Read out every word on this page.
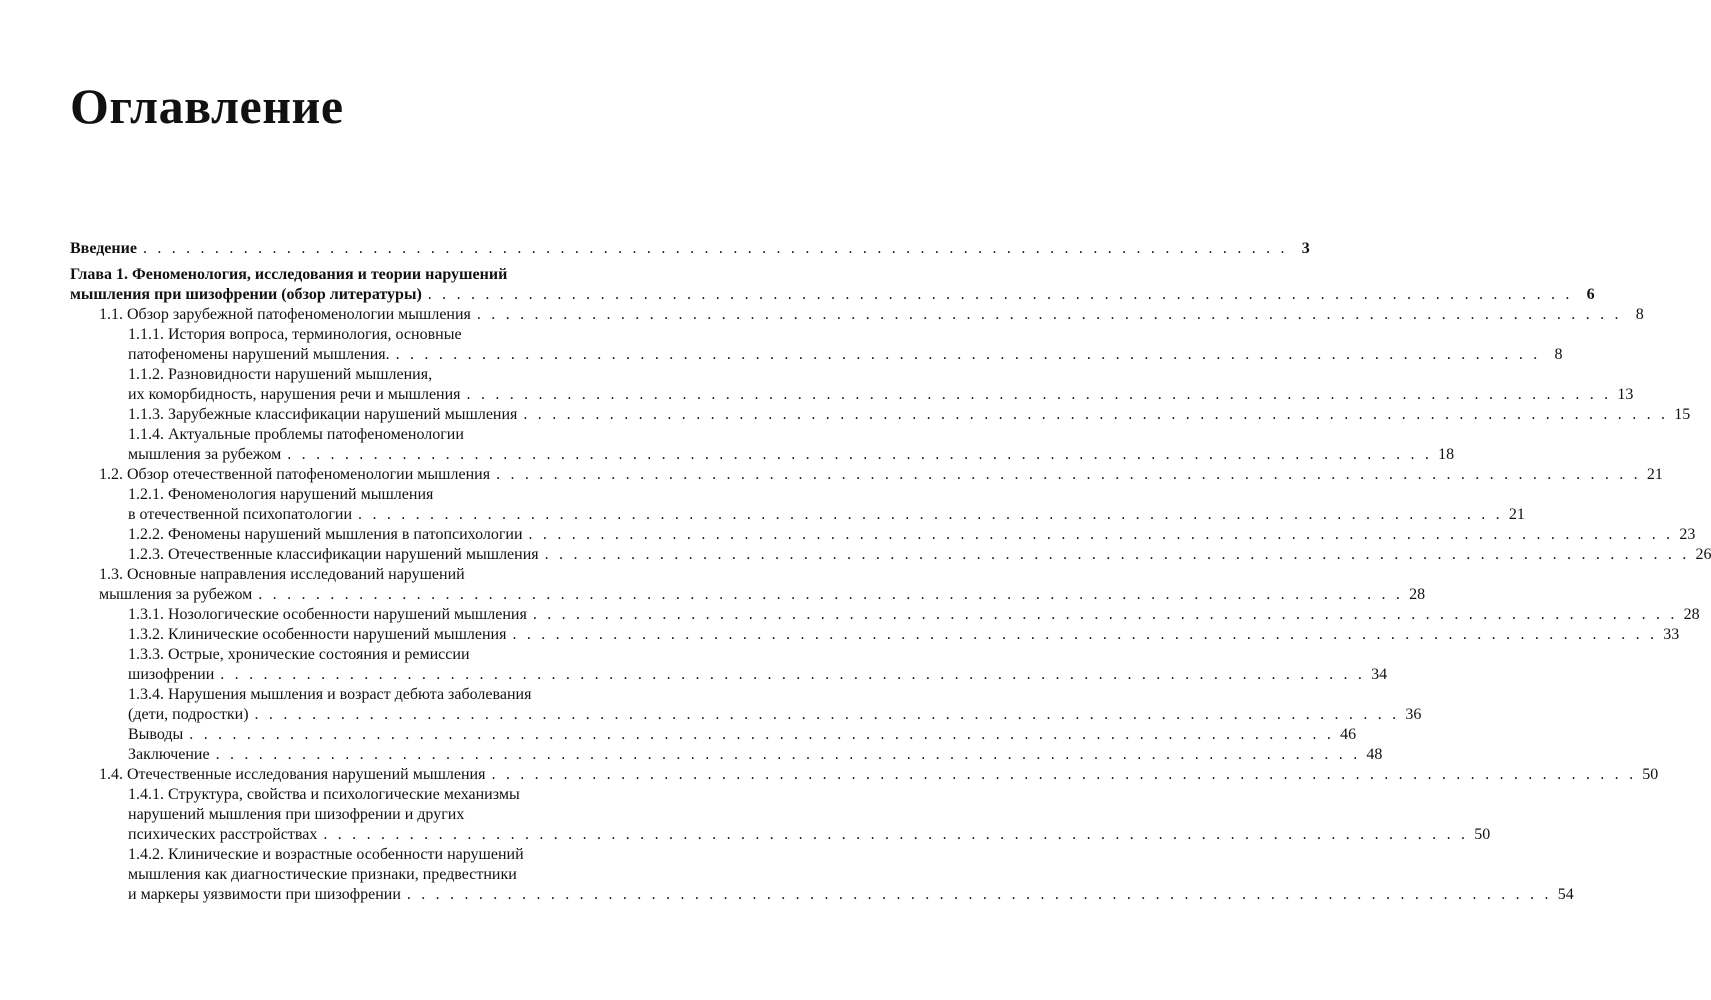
Оглавление
Введение . . . . . . . . . . . . . . . . . . . . . . . . . . . . . . . . . . . . . . . . . . . . . . . . . . . . . . . . . . . . . . . . . . . . . . . . . . . . . . . . 3
Глава 1. Феноменология, исследования и теории нарушений
мышления при шизофрении (обзор литературы) . . . . . . . . . . . . . . . . . . . . . . . . . . . . . . . . . . . . . . . . . . . . . . . . . . . . . . . . . . . . . . . . . . . . . . . . . . . . . . . . 6
1.1. Обзор зарубежной патофеноменологии мышления . . . . . . . . . . . . . . . . . . . . . . . . . . . . . . . . . . . . . . . . . . . . . . . . . . . . . . . . . . . . . . . . . . . . . . . . . . . . . . . . 8
1.1.1. История вопроса, терминология, основные
патофеномены нарушений мышления. . . . . . . . . . . . . . . . . . . . . . . . . . . . . . . . . . . . . . . . . . . . . . . . . . . . . . . . . . . . . . . . . . . . . . . . . . . . . . . . . 8
1.1.2. Разновидности нарушений мышления,
их коморбидность, нарушения речи и мышления . . . . . . . . . . . . . . . . . . . . . . . . . . . . . . . . . . . . . . . . . . . . . . . . . . . . . . . . . . . . . . . . . . . . . . . . . . . . . . . . 13
1.1.3. Зарубежные классификации нарушений мышления . . . . . . . . . . . . . . . . . . . . . . . . . . . . . . . . . . . . . . . . . . . . . . . . . . . . . . . . . . . . . . . . . . . . . . . . . . . . . . . . 15
1.1.4. Актуальные проблемы патофеноменологии
мышления за рубежом . . . . . . . . . . . . . . . . . . . . . . . . . . . . . . . . . . . . . . . . . . . . . . . . . . . . . . . . . . . . . . . . . . . . . . . . . . . . . . . . 18
1.2. Обзор отечественной патофеноменологии мышления . . . . . . . . . . . . . . . . . . . . . . . . . . . . . . . . . . . . . . . . . . . . . . . . . . . . . . . . . . . . . . . . . . . . . . . . . . . . . . . . 21
1.2.1. Феноменология нарушений мышления
в отечественной психопатологии . . . . . . . . . . . . . . . . . . . . . . . . . . . . . . . . . . . . . . . . . . . . . . . . . . . . . . . . . . . . . . . . . . . . . . . . . . . . . . . . 21
1.2.2. Феномены нарушений мышления в патопсихологии . . . . . . . . . . . . . . . . . . . . . . . . . . . . . . . . . . . . . . . . . . . . . . . . . . . . . . . . . . . . . . . . . . . . . . . . . . . . . . . . 23
1.2.3. Отечественные классификации нарушений мышления . . . . . . . . . . . . . . . . . . . . . . . . . . . . . . . . . . . . . . . . . . . . . . . . . . . . . . . . . . . . . . . . . . . . . . . . . . . . . . . . 26
1.3. Основные направления исследований нарушений
мышления за рубежом . . . . . . . . . . . . . . . . . . . . . . . . . . . . . . . . . . . . . . . . . . . . . . . . . . . . . . . . . . . . . . . . . . . . . . . . . . . . . . . . 28
1.3.1. Нозологические особенности нарушений мышления . . . . . . . . . . . . . . . . . . . . . . . . . . . . . . . . . . . . . . . . . . . . . . . . . . . . . . . . . . . . . . . . . . . . . . . . . . . . . . . . 28
1.3.2. Клинические особенности нарушений мышления . . . . . . . . . . . . . . . . . . . . . . . . . . . . . . . . . . . . . . . . . . . . . . . . . . . . . . . . . . . . . . . . . . . . . . . . . . . . . . . . 33
1.3.3. Острые, хронические состояния и ремиссии
шизофрении . . . . . . . . . . . . . . . . . . . . . . . . . . . . . . . . . . . . . . . . . . . . . . . . . . . . . . . . . . . . . . . . . . . . . . . . . . . . . . . . 34
1.3.4. Нарушения мышления и возраст дебюта заболевания
(дети, подростки) . . . . . . . . . . . . . . . . . . . . . . . . . . . . . . . . . . . . . . . . . . . . . . . . . . . . . . . . . . . . . . . . . . . . . . . . . . . . . . . . 36
Выводы . . . . . . . . . . . . . . . . . . . . . . . . . . . . . . . . . . . . . . . . . . . . . . . . . . . . . . . . . . . . . . . . . . . . . . . . . . . . . . . . 46
Заключение . . . . . . . . . . . . . . . . . . . . . . . . . . . . . . . . . . . . . . . . . . . . . . . . . . . . . . . . . . . . . . . . . . . . . . . . . . . . . . . . 48
1.4. Отечественные исследования нарушений мышления . . . . . . . . . . . . . . . . . . . . . . . . . . . . . . . . . . . . . . . . . . . . . . . . . . . . . . . . . . . . . . . . . . . . . . . . . . . . . . . . 50
1.4.1. Структура, свойства и психологические механизмы
нарушений мышления при шизофрении и других
психических расстройствах . . . . . . . . . . . . . . . . . . . . . . . . . . . . . . . . . . . . . . . . . . . . . . . . . . . . . . . . . . . . . . . . . . . . . . . . . . . . . . . . 50
1.4.2. Клинические и возрастные особенности нарушений
мышления как диагностические признаки, предвестники
и маркеры уязвимости при шизофрении . . . . . . . . . . . . . . . . . . . . . . . . . . . . . . . . . . . . . . . . . . . . . . . . . . . . . . . . . . . . . . . . . . . . . . . . . . . . . . . . 54
